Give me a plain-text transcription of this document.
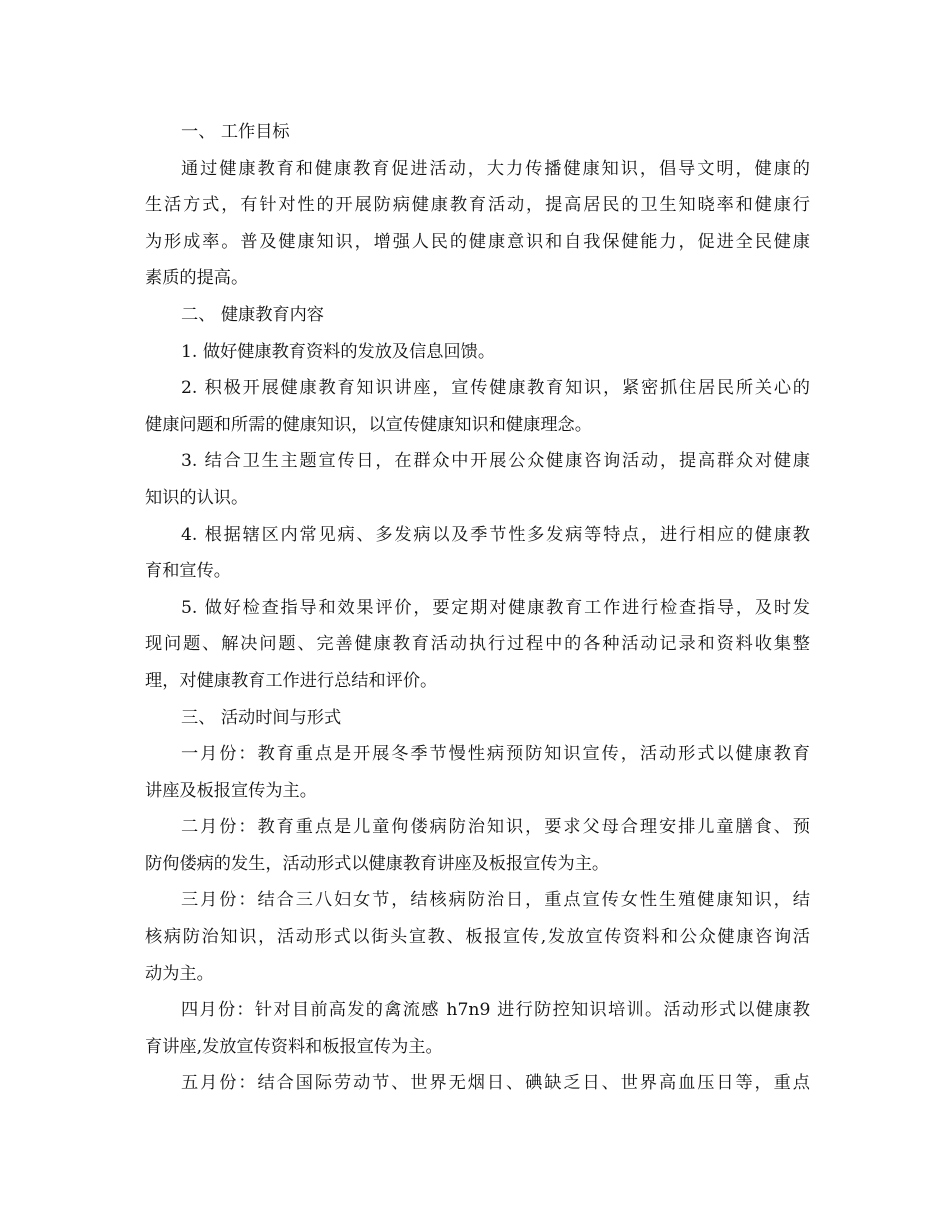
一、 工作目标
通过健康教育和健康教育促进活动，大力传播健康知识，倡导文明，健康的
生活方式，有针对性的开展防病健康教育活动，提高居民的卫生知晓率和健康行
为形成率。普及健康知识，增强人民的健康意识和自我保健能力，促进全民健康
素质的提高。
二、 健康教育内容
1. 做好健康教育资料的发放及信息回馈。
2. 积极开展健康教育知识讲座，宣传健康教育知识，紧密抓住居民所关心的
健康问题和所需的健康知识，以宣传健康知识和健康理念。
3. 结合卫生主题宣传日，在群众中开展公众健康咨询活动，提高群众对健康
知识的认识。
4. 根据辖区内常见病、多发病以及季节性多发病等特点，进行相应的健康教
育和宣传。
5. 做好检查指导和效果评价，要定期对健康教育工作进行检查指导，及时发
现问题、解决问题、完善健康教育活动执行过程中的各种活动记录和资料收集整
理，对健康教育工作进行总结和评价。
三、 活动时间与形式
一月份：教育重点是开展冬季节慢性病预防知识宣传，活动形式以健康教育
讲座及板报宣传为主。
二月份：教育重点是儿童佝偻病防治知识，要求父母合理安排儿童膳食、预
防佝偻病的发生，活动形式以健康教育讲座及板报宣传为主。
三月份：结合三八妇女节，结核病防治日，重点宣传女性生殖健康知识，结
核病防治知识，活动形式以街头宣教、板报宣传,发放宣传资料和公众健康咨询活
动为主。
四月份：针对目前高发的禽流感 h7n9 进行防控知识培训。活动形式以健康教
育讲座,发放宣传资料和板报宣传为主。
五月份：结合国际劳动节、世界无烟日、碘缺乏日、世界高血压日等，重点
